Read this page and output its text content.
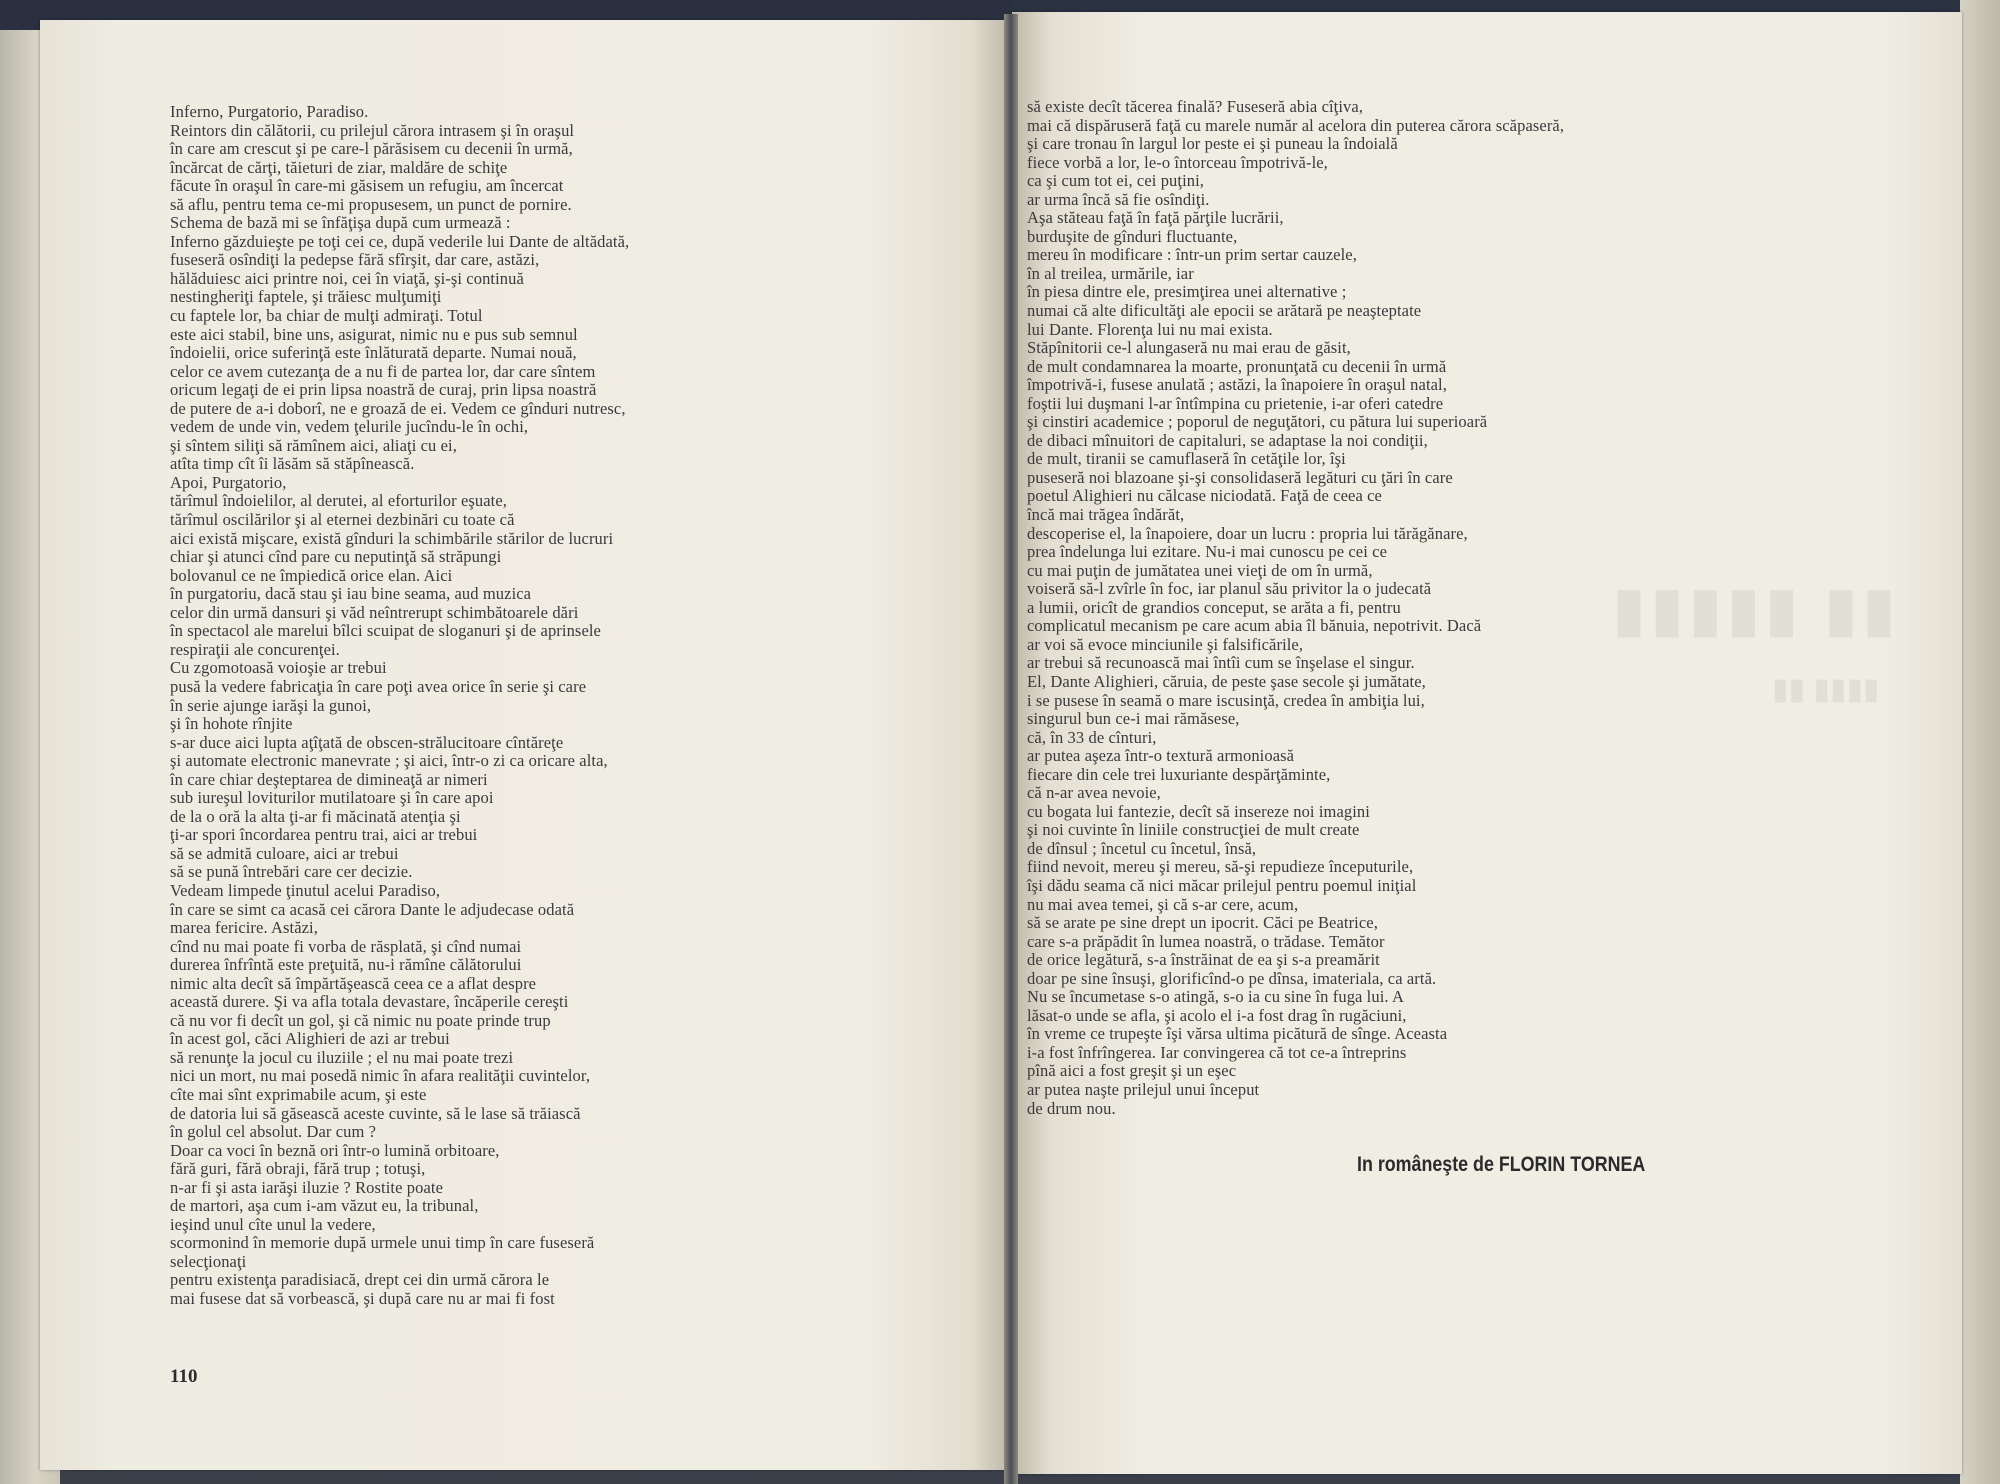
▮▮▮▮▮ ▮▮
▮▮ ▮▮▮▮
Inferno, Purgatorio, Paradiso.
Reintors din călătorii, cu prilejul cărora intrasem şi în oraşul
în care am crescut şi pe care-l părăsisem cu decenii în urmă,
încărcat de cărţi, tăieturi de ziar, maldăre de schiţe
făcute în oraşul în care-mi găsisem un refugiu, am încercat
să aflu, pentru tema ce-mi propusesem, un punct de pornire.
Schema de bază mi se înfăţişa după cum urmează :
Inferno găzduieşte pe toţi cei ce, după vederile lui Dante de altădată,
fuseseră osîndiţi la pedepse fără sfîrşit, dar care, astăzi,
hălăduiesc aici printre noi, cei în viaţă, şi-şi continuă
nestingheriţi faptele, şi trăiesc mulţumiţi
cu faptele lor, ba chiar de mulţi admiraţi. Totul
este aici stabil, bine uns, asigurat, nimic nu e pus sub semnul
îndoielii, orice suferinţă este înlăturată departe. Numai nouă,
celor ce avem cutezanţa de a nu fi de partea lor, dar care sîntem
oricum legaţi de ei prin lipsa noastră de curaj, prin lipsa noastră
de putere de a-i doborî, ne e groază de ei. Vedem ce gînduri nutresc,
vedem de unde vin, vedem ţelurile jucîndu-le în ochi,
şi sîntem siliţi să rămînem aici, aliaţi cu ei,
atîta timp cît îi lăsăm să stăpînească.
Apoi, Purgatorio,
tărîmul îndoielilor, al derutei, al eforturilor eşuate,
tărîmul oscilărilor şi al eternei dezbinări cu toate că
aici există mişcare, există gînduri la schimbările stărilor de lucruri
chiar şi atunci cînd pare cu neputinţă să străpungi
bolovanul ce ne împiedică orice elan. Aici
în purgatoriu, dacă stau şi iau bine seama, aud muzica
celor din urmă dansuri şi văd neîntrerupt schimbătoarele dări
în spectacol ale marelui bîlci scuipat de sloganuri şi de aprinsele
respiraţii ale concurenţei.
Cu zgomotoasă voioşie ar trebui
pusă la vedere fabricaţia în care poţi avea orice în serie şi care
în serie ajunge iarăşi la gunoi,
şi în hohote rînjite
s-ar duce aici lupta aţîţată de obscen-strălucitoare cîntăreţe
şi automate electronic manevrate ; şi aici, într-o zi ca oricare alta,
în care chiar deşteptarea de dimineaţă ar nimeri
sub iureşul loviturilor mutilatoare şi în care apoi
de la o oră la alta ţi-ar fi măcinată atenţia şi
ţi-ar spori încordarea pentru trai, aici ar trebui
să se admită culoare, aici ar trebui
să se pună întrebări care cer decizie.
Vedeam limpede ţinutul acelui Paradiso,
în care se simt ca acasă cei cărora Dante le adjudecase odată
marea fericire. Astăzi,
cînd nu mai poate fi vorba de răsplată, şi cînd numai
durerea înfrîntă este preţuită, nu-i rămîne călătorului
nimic alta decît să împărtăşească ceea ce a aflat despre
această durere. Şi va afla totala devastare, încăperile cereşti
că nu vor fi decît un gol, şi că nimic nu poate prinde trup
în acest gol, căci Alighieri de azi ar trebui
să renunţe la jocul cu iluziile ; el nu mai poate trezi
nici un mort, nu mai posedă nimic în afara realităţii cuvintelor,
cîte mai sînt exprimabile acum, şi este
de datoria lui să găsească aceste cuvinte, să le lase să trăiască
în golul cel absolut. Dar cum ?
Doar ca voci în beznă ori într-o lumină orbitoare,
fără guri, fără obraji, fără trup ; totuşi,
n-ar fi şi asta iarăşi iluzie ? Rostite poate
de martori, aşa cum i-am văzut eu, la tribunal,
ieşind unul cîte unul la vedere,
scormonind în memorie după urmele unui timp în care fuseseră
selecţionaţi
pentru existenţa paradisiacă, drept cei din urmă cărora le
mai fusese dat să vorbească, şi după care nu ar mai fi fost
110
să existe decît tăcerea finală? Fuseseră abia cîţiva,
mai că dispăruseră faţă cu marele număr al acelora din puterea cărora scăpaseră,
şi care tronau în largul lor peste ei şi puneau la îndoială
fiece vorbă a lor, le-o întorceau împotrivă-le,
ca şi cum tot ei, cei puţini,
ar urma încă să fie osîndiţi.
Aşa stăteau faţă în faţă părţile lucrării,
burduşite de gînduri fluctuante,
mereu în modificare : într-un prim sertar cauzele,
în al treilea, urmările, iar
în piesa dintre ele, presimţirea unei alternative ;
numai că alte dificultăţi ale epocii se arătară pe neaşteptate
lui Dante. Florenţa lui nu mai exista.
Stăpînitorii ce-l alungaseră nu mai erau de găsit,
de mult condamnarea la moarte, pronunţată cu decenii în urmă
împotrivă-i, fusese anulată ; astăzi, la înapoiere în oraşul natal,
foştii lui duşmani l-ar întîmpina cu prietenie, i-ar oferi catedre
şi cinstiri academice ; poporul de neguţători, cu pătura lui superioară
de dibaci mînuitori de capitaluri, se adaptase la noi condiţii,
de mult, tiranii se camuflaseră în cetăţile lor, îşi
puseseră noi blazoane şi-şi consolidaseră legături cu ţări în care
poetul Alighieri nu călcase niciodată. Faţă de ceea ce
încă mai trăgea îndărăt,
descoperise el, la înapoiere, doar un lucru : propria lui tărăgănare,
prea îndelunga lui ezitare. Nu-i mai cunoscu pe cei ce
cu mai puţin de jumătatea unei vieţi de om în urmă,
voiseră să-l zvîrle în foc, iar planul său privitor la o judecată
a lumii, oricît de grandios conceput, se arăta a fi, pentru
complicatul mecanism pe care acum abia îl bănuia, nepotrivit. Dacă
ar voi să evoce minciunile şi falsificările,
ar trebui să recunoască mai întîi cum se înşelase el singur.
El, Dante Alighieri, căruia, de peste şase secole şi jumătate,
i se pusese în seamă o mare iscusinţă, credea în ambiţia lui,
singurul bun ce-i mai rămăsese,
că, în 33 de cînturi,
ar putea aşeza într-o textură armonioasă
fiecare din cele trei luxuriante despărţăminte,
că n-ar avea nevoie,
cu bogata lui fantezie, decît să insereze noi imagini
şi noi cuvinte în liniile construcţiei de mult create
de dînsul ; încetul cu încetul, însă,
fiind nevoit, mereu şi mereu, să-şi repudieze începuturile,
îşi dădu seama că nici măcar prilejul pentru poemul iniţial
nu mai avea temei, şi că s-ar cere, acum,
să se arate pe sine drept un ipocrit. Căci pe Beatrice,
care s-a prăpădit în lumea noastră, o trădase. Temător
de orice legătură, s-a înstrăinat de ea şi s-a preamărit
doar pe sine însuşi, glorificînd-o pe dînsa, imateriala, ca artă.
Nu se încumetase s-o atingă, s-o ia cu sine în fuga lui. A
lăsat-o unde se afla, şi acolo el i-a fost drag în rugăciuni,
în vreme ce trupeşte îşi vărsa ultima picătură de sînge. Aceasta
i-a fost înfrîngerea. Iar convingerea că tot ce-a întreprins
pînă aici a fost greşit şi un eşec
ar putea naşte prilejul unui început
de drum nou.
In româneşte de FLORIN TORNEA
